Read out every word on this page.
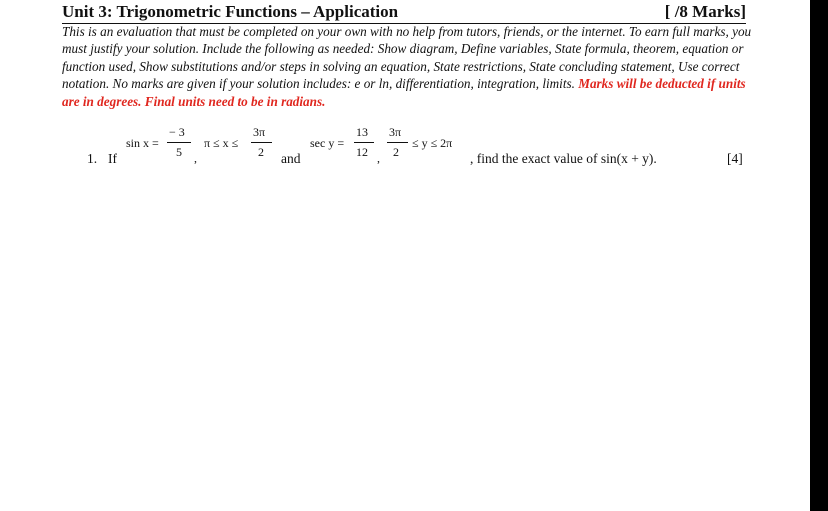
Unit 3: Trigonometric Functions – Application	[ /8 Marks]
This is an evaluation that must be completed on your own with no help from tutors, friends, or the internet. To earn full marks, you must justify your solution. Include the following as needed: Show diagram, Define variables, State formula, theorem, equation or function used, Show substitutions and/or steps in solving an equation, State restrictions, State concluding statement, Use correct notation. No marks are given if your solution includes: e or ln, differentiation, integration, limits. Marks will be deducted if units are in degrees. Final units need to be in radians.
1. If
sin x =
− 3
5 ,
π ≤ x ≤
3π
2 and
sec y =
13
12 ,
3π
2
≤ y ≤ 2π
, find the exact value of sin(x + y).	[4]
